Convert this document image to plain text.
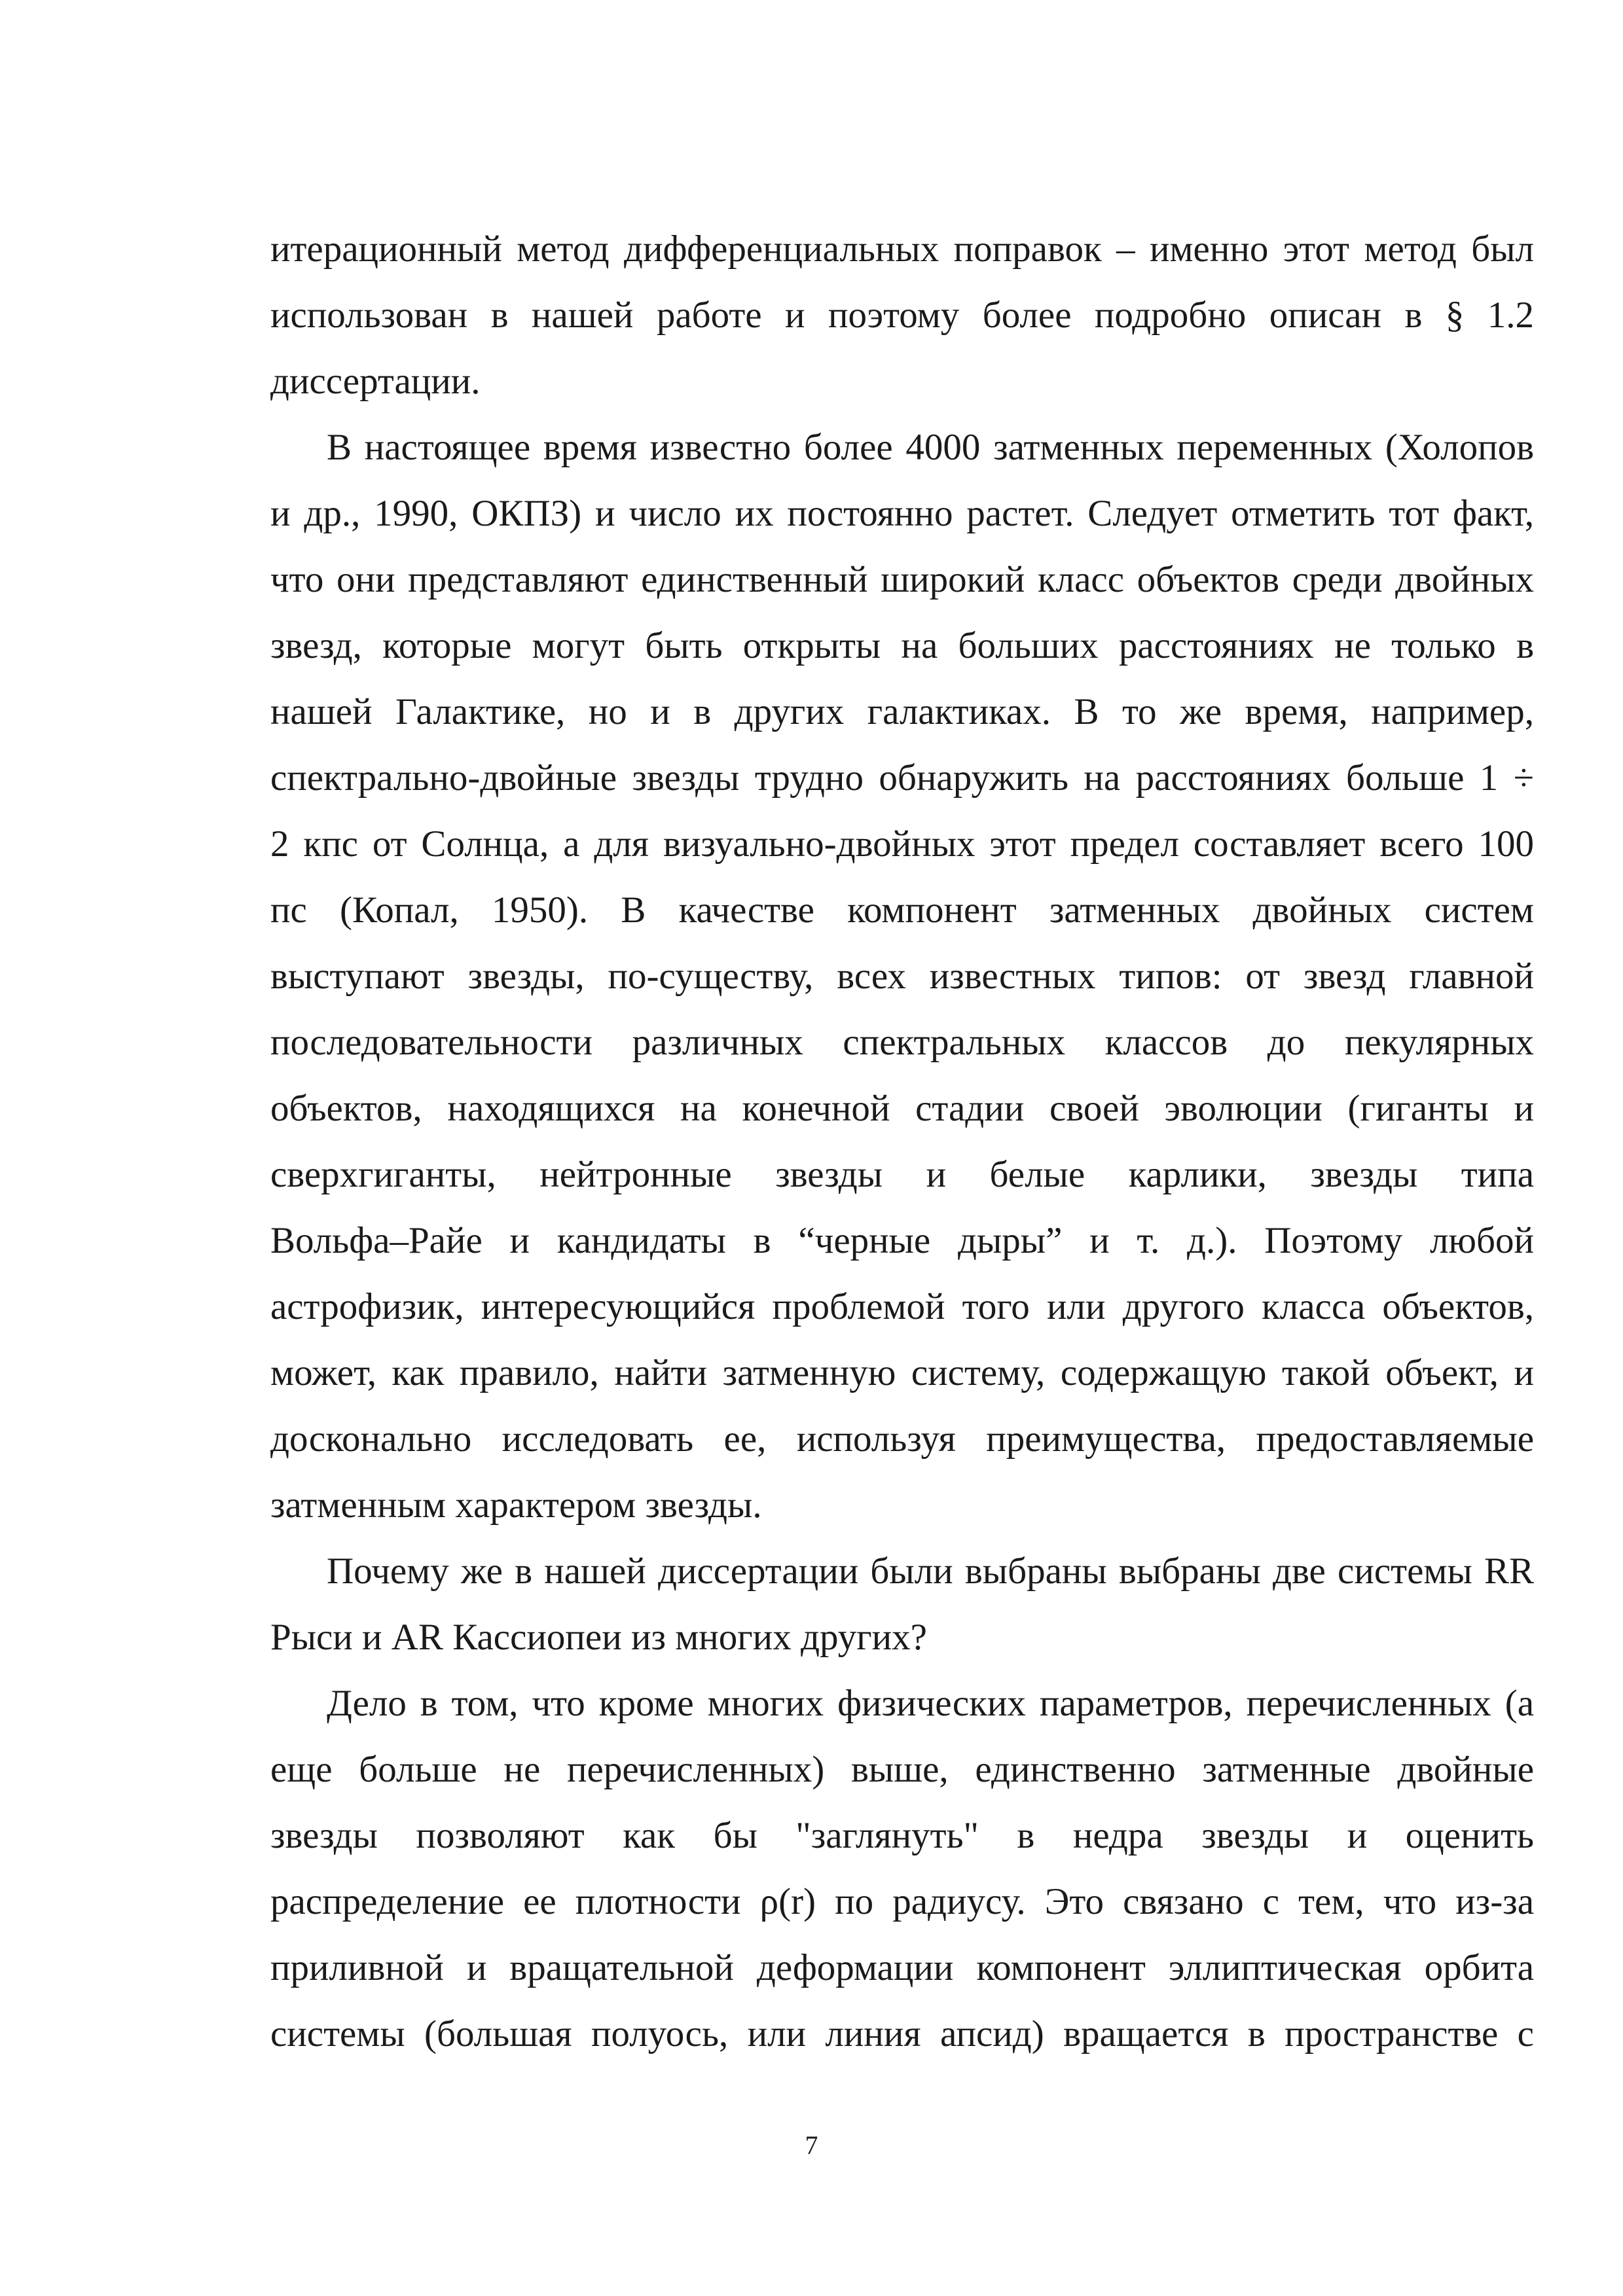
итерационный метод дифференциальных поправок – именно этот метод был
использован в нашей работе и поэтому более подробно описан в § 1.2
диссертации.
В настоящее время известно более 4000 затменных переменных (Холопов
и др., 1990, ОКПЗ) и число их постоянно растет. Следует отметить тот факт,
что они представляют единственный широкий класс объектов среди двойных
звезд, которые могут быть открыты на больших расстояниях не только в
нашей Галактике, но и в других галактиках. В то же время, например,
спектрально-двойные звезды трудно обнаружить на расстояниях больше 1 ÷
2 кпс от Солнца, а для визуально-двойных этот предел составляет всего 100
пс (Копал, 1950). В качестве компонент затменных двойных систем
выступают звезды, по-существу, всех известных типов: от звезд главной
последовательности различных спектральных классов до пекулярных
объектов, находящихся на конечной стадии своей эволюции (гиганты и
сверхгиганты, нейтронные звезды и белые карлики, звезды типа
Вольфа–Райе и кандидаты в “черные дыры” и т. д.). Поэтому любой
астрофизик, интересующийся проблемой того или другого класса объектов,
может, как правило, найти затменную систему, содержащую такой объект, и
досконально исследовать ее, используя преимущества, предоставляемые
затменным характером звезды.
Почему же в нашей диссертации были выбраны выбраны две системы RR
Рыси и AR Кассиопеи из многих других?
Дело в том, что кроме многих физических параметров, перечисленных (а
еще больше не перечисленных) выше, единственно затменные двойные
звезды позволяют как бы "заглянуть" в недра звезды и оценить
распределение ее плотности ρ(r) по радиусу. Это связано с тем, что из-за
приливной и вращательной деформации компонент эллиптическая орбита
системы (большая полуось, или линия апсид) вращается в пространстве с
7
